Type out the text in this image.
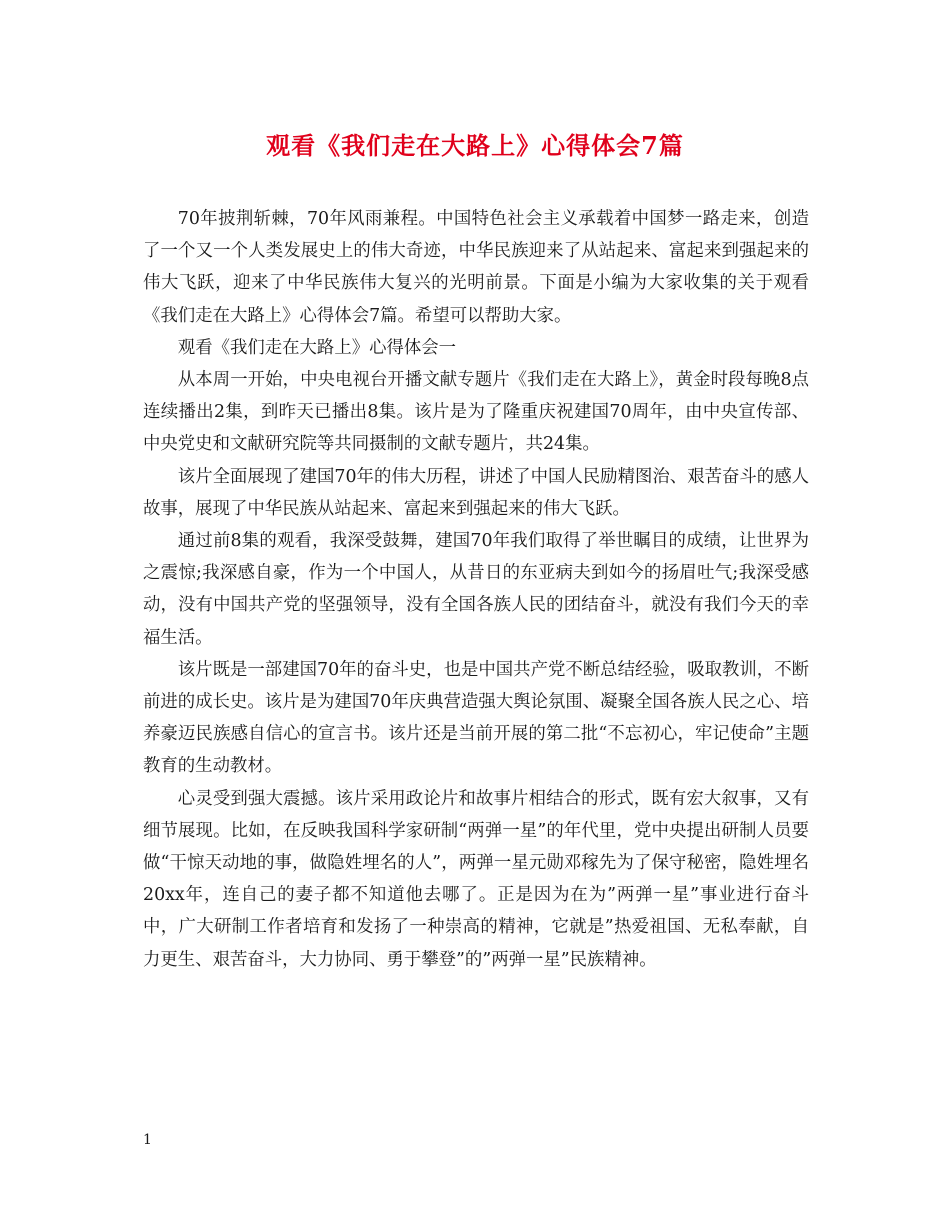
观看《我们走在大路上》心得体会7篇

70年披荆斩棘，70年风雨兼程。中国特色社会主义承载着中国梦一路走来，创造了一个又一个人类发展史上的伟大奇迹，中华民族迎来了从站起来、富起来到强起来的伟大飞跃，迎来了中华民族伟大复兴的光明前景。下面是小编为大家收集的关于观看《我们走在大路上》心得体会7篇。希望可以帮助大家。

观看《我们走在大路上》心得体会一

从本周一开始，中央电视台开播文献专题片《我们走在大路上》，黄金时段每晚8点连续播出2集，到昨天已播出8集。该片是为了隆重庆祝建国70周年，由中央宣传部、中央党史和文献研究院等共同摄制的文献专题片，共24集。

该片全面展现了建国70年的伟大历程，讲述了中国人民励精图治、艰苦奋斗的感人故事，展现了中华民族从站起来、富起来到强起来的伟大飞跃。

通过前8集的观看，我深受鼓舞，建国70年我们取得了举世瞩目的成绩，让世界为之震惊;我深感自豪，作为一个中国人，从昔日的东亚病夫到如今的扬眉吐气;我深受感动，没有中国共产党的坚强领导，没有全国各族人民的团结奋斗，就没有我们今天的幸福生活。

该片既是一部建国70年的奋斗史，也是中国共产党不断总结经验，吸取教训，不断前进的成长史。该片是为建国70年庆典营造强大舆论氛围、凝聚全国各族人民之心、培养豪迈民族感自信心的宣言书。该片还是当前开展的第二批“不忘初心，牢记使命”主题教育的生动教材。

心灵受到强大震撼。该片采用政论片和故事片相结合的形式，既有宏大叙事，又有细节展现。比如，在反映我国科学家研制“两弹一星”的年代里，党中央提出研制人员要做“干惊天动地的事，做隐姓埋名的人”，两弹一星元勋邓稼先为了保守秘密，隐姓埋名20xx年，连自己的妻子都不知道他去哪了。正是因为在为”两弹一星”事业进行奋斗中，广大研制工作者培育和发扬了一种崇高的精神，它就是”热爱祖国、无私奉献，自力更生、艰苦奋斗，大力协同、勇于攀登”的”两弹一星”民族精神。

1
